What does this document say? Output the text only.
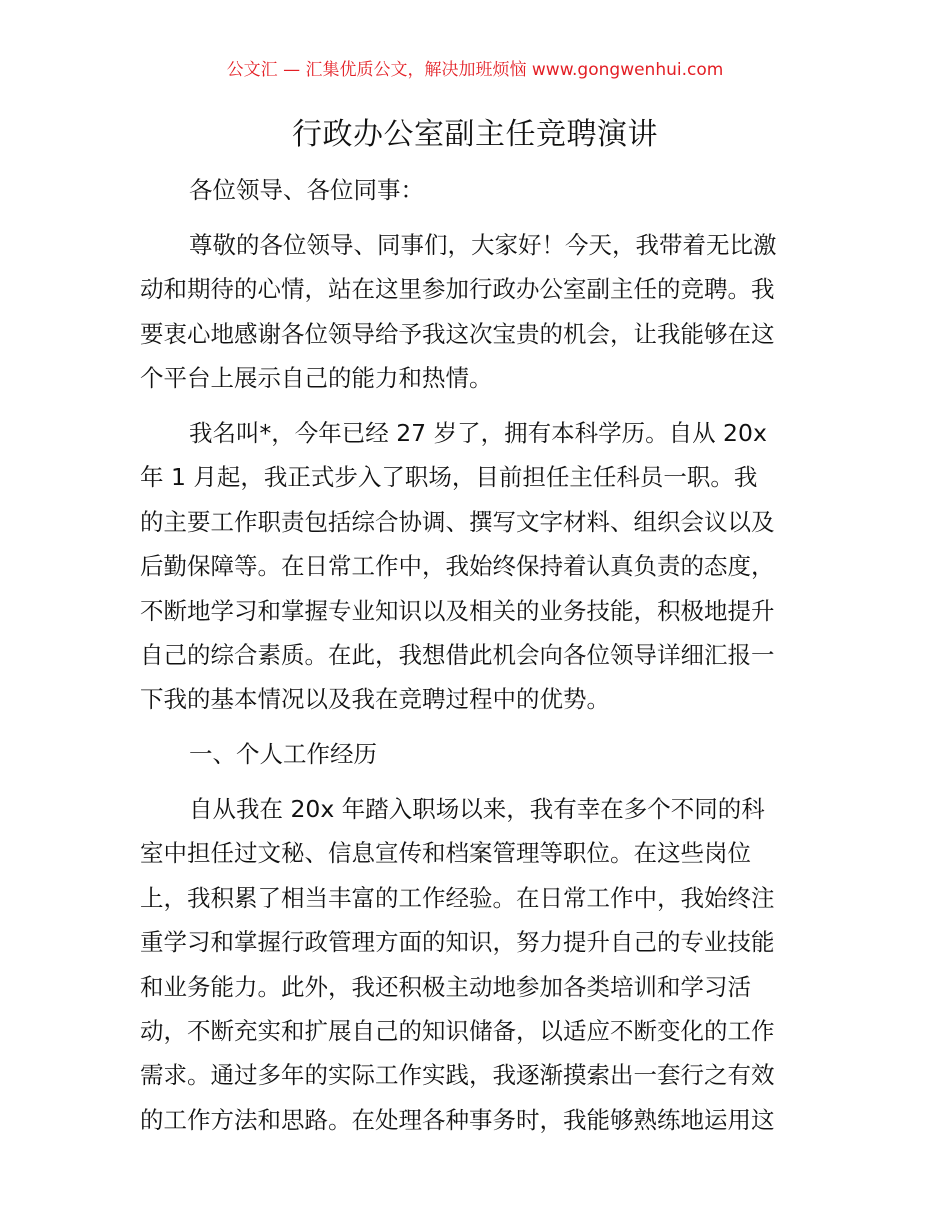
公文汇 — 汇集优质公文，解决加班烦恼 www.gongwenhui.com
行政办公室副主任竞聘演讲
各位领导、各位同事：
尊敬的各位领导、同事们，大家好！今天，我带着无比激
动和期待的心情，站在这里参加行政办公室副主任的竞聘。我
要衷心地感谢各位领导给予我这次宝贵的机会，让我能够在这
个平台上展示自己的能力和热情。
我名叫*，今年已经 27 岁了，拥有本科学历。自从 20x
年 1 月起，我正式步入了职场，目前担任主任科员一职。我
的主要工作职责包括综合协调、撰写文字材料、组织会议以及
后勤保障等。在日常工作中，我始终保持着认真负责的态度，
不断地学习和掌握专业知识以及相关的业务技能，积极地提升
自己的综合素质。在此，我想借此机会向各位领导详细汇报一
下我的基本情况以及我在竞聘过程中的优势。
一、个人工作经历
自从我在 20x 年踏入职场以来，我有幸在多个不同的科
室中担任过文秘、信息宣传和档案管理等职位。在这些岗位
上，我积累了相当丰富的工作经验。在日常工作中，我始终注
重学习和掌握行政管理方面的知识，努力提升自己的专业技能
和业务能力。此外，我还积极主动地参加各类培训和学习活
动，不断充实和扩展自己的知识储备，以适应不断变化的工作
需求。通过多年的实际工作实践，我逐渐摸索出一套行之有效
的工作方法和思路。在处理各种事务时，我能够熟练地运用这
